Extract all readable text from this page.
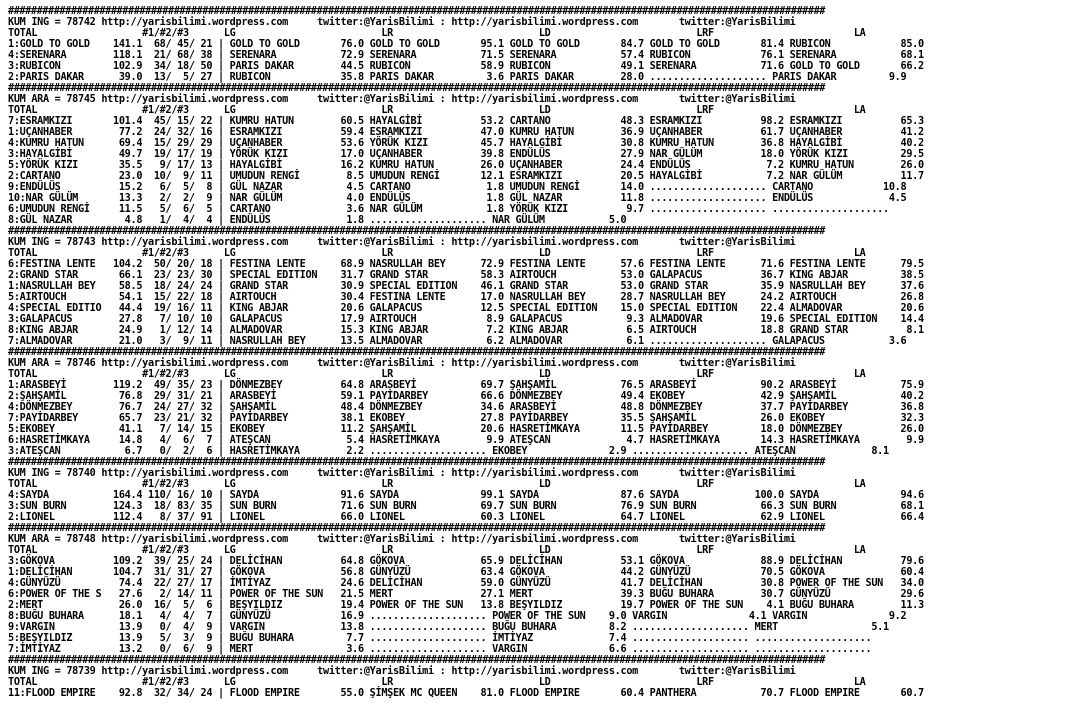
###############################################################################################################################################
KUM ING = 78742 http://yarisbilimi.wordpress.com     twitter:@YarisBilimi : http://yarisbilimi.wordpress.com       twitter:@YarisBilimi
TOTAL                  #1/#2/#3      LG                         LR                         LD                         LRF                        LA
1:GOLD TO GOLD    141.1  68/ 45/ 21 | GOLD TO GOLD       76.0 GOLD TO GOLD       95.1 GOLD TO GOLD       84.7 GOLD TO GOLD       81.4 RUBICON            85.0
4:SERENARA        118.1  21/ 68/ 38 | SERENARA           72.9 SERENARA           71.5 SERENARA           57.4 RUBICON            76.1 SERENARA           68.1
3:RUBICON         102.9  34/ 18/ 50 | PARIS DAKAR        44.5 RUBICON            58.9 RUBICON            49.1 SERENARA           71.6 GOLD TO GOLD       66.2
2:PARIS DAKAR      39.0  13/  5/ 27 | RUBICON            35.8 PARIS DAKAR         3.6 PARIS DAKAR        28.0 .................... PARIS DAKAR         9.9
###############################################################################################################################################
KUM ARA = 78745 http://yarisbilimi.wordpress.com     twitter:@YarisBilimi : http://yarisbilimi.wordpress.com       twitter:@YarisBilimi
TOTAL                  #1/#2/#3      LG                         LR                         LD                         LRF                        LA
7:ESRAMKIZI       101.4  45/ 15/ 22 | KUMRU HATUN        60.5 HAYALGİBİ          53.2 CARTANO            48.3 ESRAMKIZI          98.2 ESRAMKIZI          65.3
1:UÇANHABER        77.2  24/ 32/ 16 | ESRAMKIZI          59.4 ESRAMKIZI          47.0 KUMRU HATUN        36.9 UÇANHABER          61.7 UÇANHABER          41.2
4:KUMRU HATUN      69.4  15/ 29/ 29 | UÇANHABER          53.6 YÖRÜK KIZI         45.7 HAYALGİBİ          30.8 KUMRU HATUN        36.8 HAYALGİBİ          40.2
3:HAYALGİBİ        49.7  19/ 17/ 19 | YÖRÜK KIZI         17.0 UÇANHABER          39.8 ENDÜLÜS            27.9 NAR GÜLÜM          18.0 YÖRÜK KIZI         29.5
5:YÖRÜK KIZI       35.5   9/ 17/ 13 | HAYALGİBİ          16.2 KUMRU HATUN        26.0 UÇANHABER          24.4 ENDÜLÜS             7.2 KUMRU HATUN        26.0
2:CARTANO          23.0  10/  9/ 11 | UMUDUN RENGİ        8.5 UMUDUN RENGİ       12.1 ESRAMKIZI          20.5 HAYALGİBİ           7.2 NAR GÜLÜM          11.7
9:ENDÜLÜS          15.2   6/  5/  8 | GÜL NAZAR           4.5 CARTANO             1.8 UMUDUN RENGİ       14.0 .................... CARTANO            10.8
10:NAR GÜLÜM       13.3   2/  2/  9 | NAR GÜLÜM           4.0 ENDÜLÜS             1.8 GÜL NAZAR          11.8 .................... ENDÜLÜS             4.5
6:UMUDUN RENGİ     11.5   5/  6/  5 | CARTANO             3.6 NAR GÜLÜM           1.8 YÖRÜK KIZI          9.7 .................... ....................
8:GÜL NAZAR         4.8   1/  4/  4 | ENDÜLÜS             1.8 .................... NAR GÜLÜM           5.0
###############################################################################################################################################
KUM ING = 78743 http://yarisbilimi.wordpress.com     twitter:@YarisBilimi : http://yarisbilimi.wordpress.com       twitter:@YarisBilimi
TOTAL                  #1/#2/#3      LG                         LR                         LD                         LRF                        LA
6:FESTINA LENTE   104.2  50/ 20/ 18 | FESTINA LENTE      68.9 NASRULLAH BEY      72.9 FESTINA LENTE      57.6 FESTINA LENTE      71.6 FESTINA LENTE      79.5
2:GRAND STAR       66.1  23/ 23/ 30 | SPECIAL EDITION    31.7 GRAND STAR         58.3 AIRTOUCH           53.0 GALAPACUS          36.7 KING ABJAR         38.5
1:NASRULLAH BEY    58.5  18/ 24/ 24 | GRAND STAR         30.9 SPECIAL EDITION    46.1 GRAND STAR         53.0 GRAND STAR         35.9 NASRULLAH BEY      37.6
5:AIRTOUCH         54.1  15/ 22/ 18 | AIRTOUCH           30.4 FESTINA LENTE      17.0 NASRULLAH BEY      28.7 NASRULLAH BEY      24.2 AIRTOUCH           26.8
4:SPECIAL EDITIO   44.4  19/ 16/ 11 | KING ABJAR         20.6 GALAPACUS          12.5 SPECIAL EDITION    15.0 SPECIAL EDITION    22.4 ALMADOVAR          20.6
3:GALAPACUS        27.8   7/ 10/ 10 | GALAPACUS          17.9 AIRTOUCH            8.9 GALAPACUS           9.3 ALMADOVAR          19.6 SPECIAL EDITION    14.4
8:KING ABJAR       24.9   1/ 12/ 14 | ALMADOVAR          15.3 KING ABJAR          7.2 KING ABJAR          6.5 AIRTOUCH           18.8 GRAND STAR          8.1
7:ALMADOVAR        21.0   3/  9/ 11 | NASRULLAH BEY      13.5 ALMADOVAR           6.2 ALMADOVAR           6.1 .................... GALAPACUS           3.6
###############################################################################################################################################
KUM ARA = 78746 http://yarisbilimi.wordpress.com     twitter:@YarisBilimi : http://yarisbilimi.wordpress.com       twitter:@YarisBilimi
TOTAL                  #1/#2/#3      LG                         LR                         LD                         LRF                        LA
1:ARASBEYİ        119.2  49/ 35/ 23 | DÖNMEZBEY          64.8 ARASBEYİ           69.7 ŞAHŞAMİL           76.5 ARASBEYİ           90.2 ARASBEYİ           75.9
2:ŞAHŞAMİL         76.8  29/ 31/ 21 | ARASBEYİ           59.1 PAYİDARBEY         66.6 DÖNMEZBEY          49.4 EKOBEY             42.9 ŞAHŞAMİL           40.2
4:DÖNMEZBEY        76.7  24/ 27/ 32 | ŞAHŞAMİL           48.4 DÖNMEZBEY          34.6 ARASBEYİ           48.8 DÖNMEZBEY          37.7 PAYİDARBEY         36.8
7:PAYİDARBEY       65.7  23/ 21/ 32 | PAYİDARBEY         38.1 EKOBEY             27.8 PAYİDARBEY         35.5 ŞAHŞAMİL           26.0 EKOBEY             32.3
5:EKOBEY           41.1   7/ 14/ 15 | EKOBEY             11.2 ŞAHŞAMİL           20.6 HASRETİMKAYA       11.5 PAYİDARBEY         18.0 DÖNMEZBEY          26.0
6:HASRETİMKAYA     14.8   4/  6/  7 | ATEŞCAN             5.4 HASRETİMKAYA        9.9 ATEŞCAN             4.7 HASRETİMKAYA       14.3 HASRETİMKAYA        9.9
3:ATEŞCAN           6.7   0/  2/  6 | HASRETİMKAYA        2.2 .................... EKOBEY              2.9 .................... ATEŞCAN             8.1
###############################################################################################################################################
KUM ING = 78740 http://yarisbilimi.wordpress.com     twitter:@YarisBilimi : http://yarisbilimi.wordpress.com       twitter:@YarisBilimi
TOTAL                  #1/#2/#3      LG                         LR                         LD                         LRF                        LA
4:SAYDA           164.4 110/ 16/ 10 | SAYDA              91.6 SAYDA              99.1 SAYDA              87.6 SAYDA             100.0 SAYDA              94.6
3:SUN BURN        124.3  18/ 83/ 35 | SUN BURN           71.6 SUN BURN           69.7 SUN BURN           76.9 SUN BURN           66.3 SUN BURN           68.1
2:LIONEL          112.4   8/ 37/ 91 | LIONEL             66.0 LIONEL             60.3 LIONEL             64.7 LIONEL             62.9 LIONEL             66.4
###############################################################################################################################################
KUM ARA = 78748 http://yarisbilimi.wordpress.com     twitter:@YarisBilimi : http://yarisbilimi.wordpress.com       twitter:@YarisBilimi
TOTAL                  #1/#2/#3      LG                         LR                         LD                         LRF                        LA
3:GÖKOVA          109.2  39/ 25/ 24 | DELİCİHAN          64.8 GÖKOVA             65.9 DELİCİHAN          53.1 GÖKOVA             88.9 DELİCİHAN          79.6
1:DELİCİHAN       104.7  31/ 31/ 27 | GÖKOVA             56.8 GÜNYÜZÜ            63.4 GÖKOVA             44.2 GÜNYÜZÜ            70.5 GÖKOVA             60.4
4:GÜNYÜZÜ          74.4  22/ 27/ 17 | İMTİYAZ            24.6 DELİCİHAN          59.0 GÜNYÜZÜ            41.7 DELİCİHAN          30.8 POWER OF THE SUN   34.0
6:POWER OF THE S   27.6   2/ 14/ 11 | POWER OF THE SUN   21.5 MERT               27.1 MERT               39.3 BUĞU BUHARA        30.7 GÜNYÜZÜ            29.6
2:MERT             26.0  16/  5/  6 | BEŞYILDIZ          19.4 POWER OF THE SUN   13.8 BEŞYILDIZ          19.7 POWER OF THE SUN    4.1 BUĞU BUHARA        11.3
8:BUĞU BUHARA      18.1   4/  4/  7 | GÜNYÜZÜ            16.9 .................... POWER OF THE SUN    9.0 VARGIN              4.1 VARGIN              9.2
9:VARGIN           13.9   0/  4/  9 | VARGIN             13.8 .................... BUĞU BUHARA         8.2 .................... MERT                5.1
5:BEŞYILDIZ        13.9   5/  3/  9 | BUĞU BUHARA         7.7 .................... İMTİYAZ             7.4 .................... ....................
7:İMTİYAZ          13.2   0/  6/  9 | MERT                3.6 .................... VARGIN              6.6 .................... ....................
###############################################################################################################################################
KUM ING = 78739 http://yarisbilimi.wordpress.com     twitter:@YarisBilimi : http://yarisbilimi.wordpress.com       twitter:@YarisBilimi
TOTAL                  #1/#2/#3      LG                         LR                         LD                         LRF                        LA
11:FLOOD EMPIRE    92.8  32/ 34/ 24 | FLOOD EMPIRE       55.0 ŞİMŞEK MC QUEEN    81.0 FLOOD EMPIRE       60.4 PANTHERA           70.7 FLOOD EMPIRE       60.7
